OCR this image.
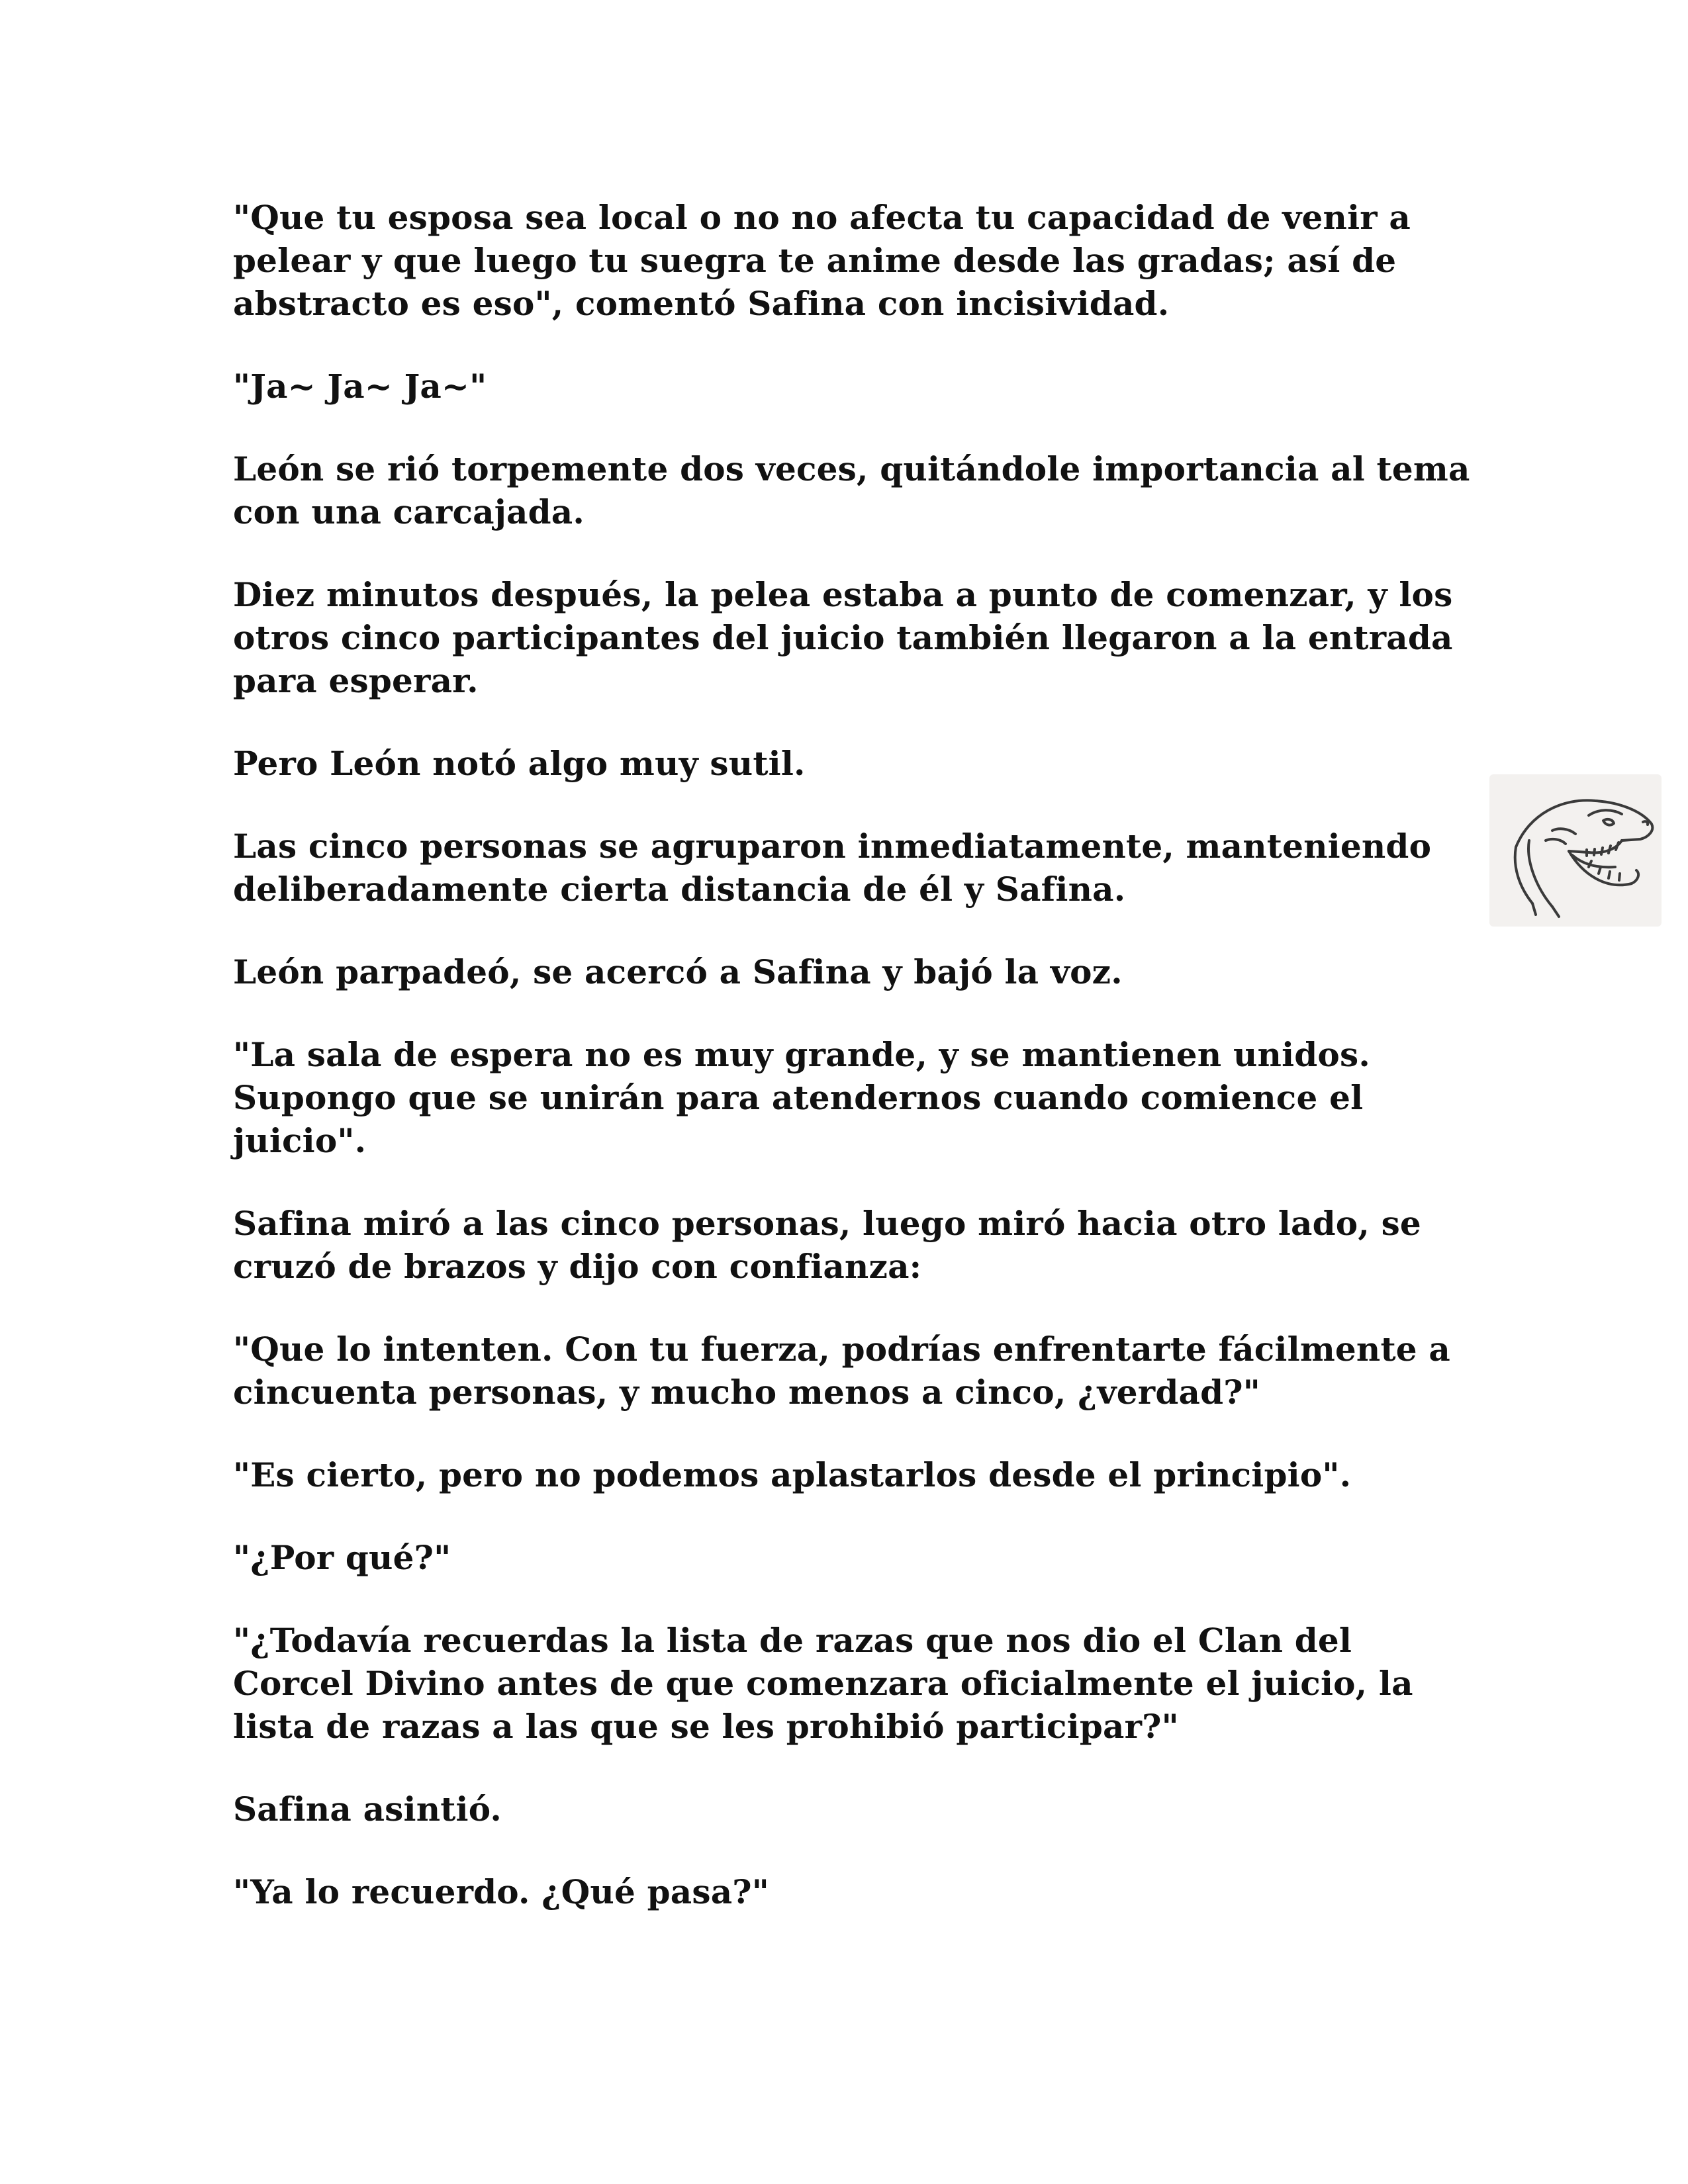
"Que tu esposa sea local o no no afecta tu capacidad de venir a pelear y que luego tu suegra te anime desde las gradas; así de abstracto es eso", comentó Safina con incisividad.

"Ja~ Ja~ Ja~"

León se rió torpemente dos veces, quitándole importancia al tema con una carcajada.

Diez minutos después, la pelea estaba a punto de comenzar, y los otros cinco participantes del juicio también llegaron a la entrada para esperar.

Pero León notó algo muy sutil.

Las cinco personas se agruparon inmediatamente, manteniendo deliberadamente cierta distancia de él y Safina.

León parpadeó, se acercó a Safina y bajó la voz.

"La sala de espera no es muy grande, y se mantienen unidos. Supongo que se unirán para atendernos cuando comience el juicio".

Safina miró a las cinco personas, luego miró hacia otro lado, se cruzó de brazos y dijo con confianza:

"Que lo intenten. Con tu fuerza, podrías enfrentarte fácilmente a cincuenta personas, y mucho menos a cinco, ¿verdad?"

"Es cierto, pero no podemos aplastarlos desde el principio".

"¿Por qué?"

"¿Todavía recuerdas la lista de razas que nos dio el Clan del Corcel Divino antes de que comenzara oficialmente el juicio, la lista de razas a las que se les prohibió participar?"

Safina asintió.

"Ya lo recuerdo. ¿Qué pasa?"
